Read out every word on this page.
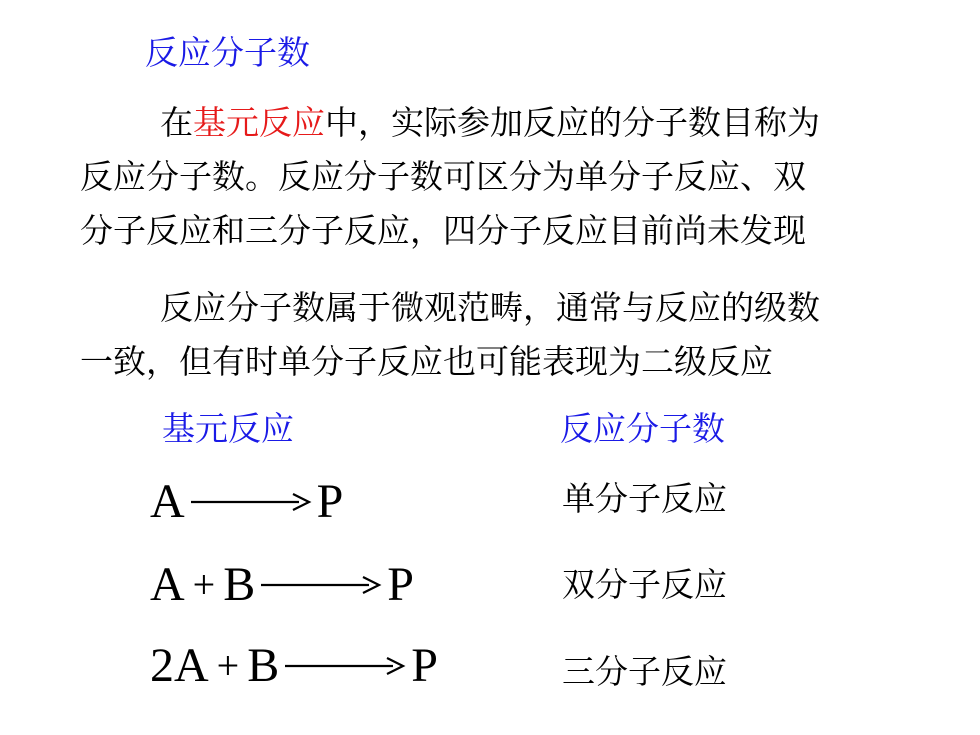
反应分子数
在基元反应中，实际参加反应的分子数目称为
反应分子数。反应分子数可区分为单分子反应、双
分子反应和三分子反应，四分子反应目前尚未发现
反应分子数属于微观范畴，通常与反应的级数
一致，但有时单分子反应也可能表现为二级反应
基元反应	反应分子数
A → P
A + B → P
2A + B → P
单分子反应
双分子反应
三分子反应
